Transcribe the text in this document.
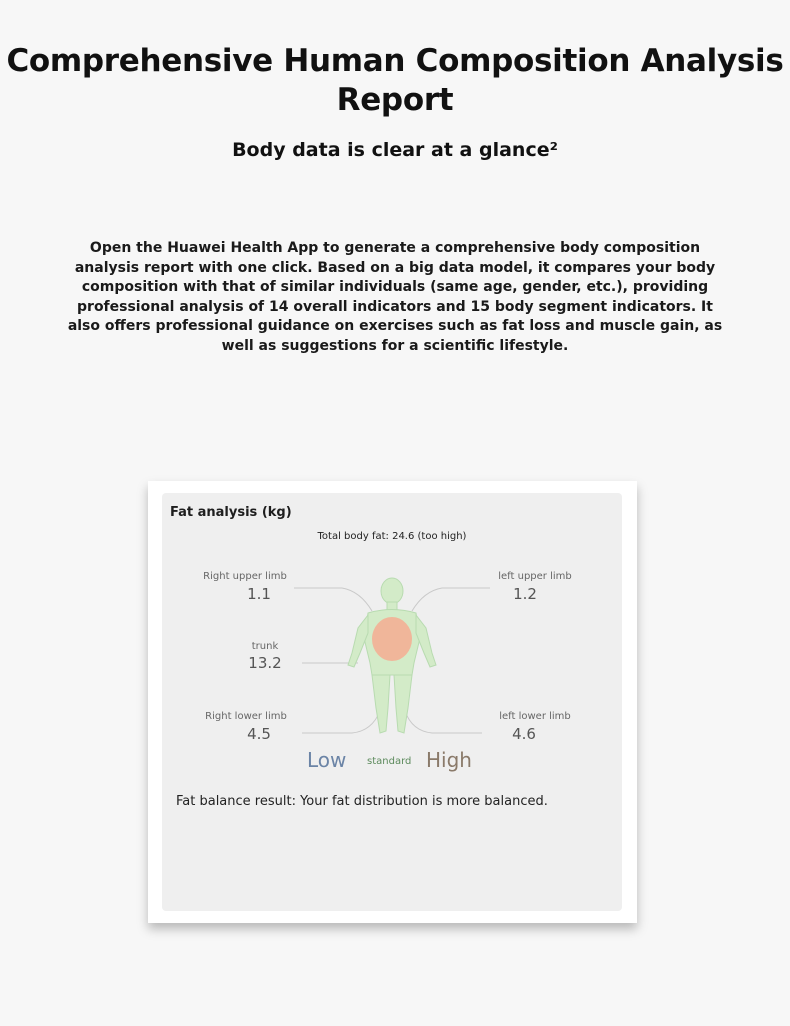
Comprehensive Human Composition Analysis Report
Body data is clear at a glance²
Open the Huawei Health App to generate a comprehensive body composition analysis report with one click. Based on a big data model, it compares your body composition with that of similar individuals (same age, gender, etc.), providing professional analysis of 14 overall indicators and 15 body segment indicators. It also offers professional guidance on exercises such as fat loss and muscle gain, as well as suggestions for a scientific lifestyle.
Fat analysis (kg)
Total body fat: 24.6 (too high)
Right upper limb
1.1
left upper limb
1.2
trunk
13.2
Right lower limb
4.5
left lower limb
4.6
Low standard High
Fat balance result: Your fat distribution is more balanced.
